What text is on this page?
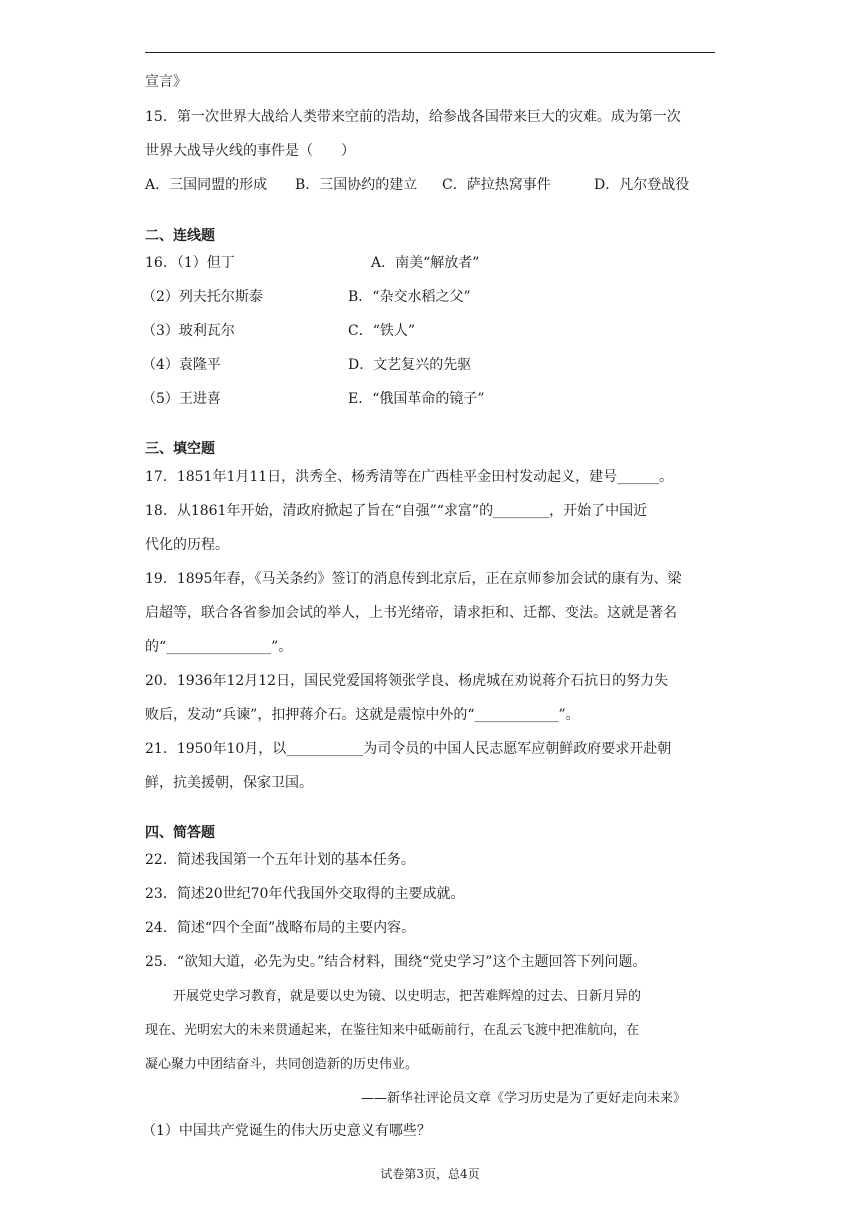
宣言》
15．第一次世界大战给人类带来空前的浩劫，给参战各国带来巨大的灾难。成为第一次
世界大战导火线的事件是（　　）
A．三国同盟的形成 B．三国协约的建立 C．萨拉热窝事件	D．凡尔登战役
二、连线题
16．（1）但丁	A．南美“解放者”
（2）列夫托尔斯泰	B．“杂交水稻之父”
（3）玻利瓦尔	C．“铁人”
（4）袁隆平	D．文艺复兴的先驱
（5）王进喜	E．“俄国革命的镜子”
三、填空题
17．1851年1月11日，洪秀全、杨秀清等在广西桂平金田村发动起义，建号______。
18．从1861年开始，清政府掀起了旨在“自强”“求富”的________，开始了中国近
代化的历程。
19．1895年春，《马关条约》签订的消息传到北京后，正在京师参加会试的康有为、梁
启超等，联合各省参加会试的举人，上书光绪帝，请求拒和、迁都、变法。这就是著名
的“_______________”。
20．1936年12月12日，国民党爱国将领张学良、杨虎城在劝说蒋介石抗日的努力失
败后，发动“兵谏”，扣押蒋介石。这就是震惊中外的“____________”。
21．1950年10月，以___________为司令员的中国人民志愿军应朝鲜政府要求开赴朝
鲜，抗美援朝，保家卫国。
四、简答题
22．简述我国第一个五年计划的基本任务。
23．简述20世纪70年代我国外交取得的主要成就。
24．简述“四个全面”战略布局的主要内容。
25．“欲知大道，必先为史。”结合材料，围绕“党史学习”这个主题回答下列问题。
开展党史学习教育，就是要以史为镜、以史明志，把苦难辉煌的过去、日新月异的
现在、光明宏大的未来贯通起来，在鉴往知来中砥砺前行，在乱云飞渡中把准航向，在
凝心聚力中团结奋斗，共同创造新的历史伟业。
——新华社评论员文章《学习历史是为了更好走向未来》
（1）中国共产党诞生的伟大历史意义有哪些？
试卷第3页，总4页
